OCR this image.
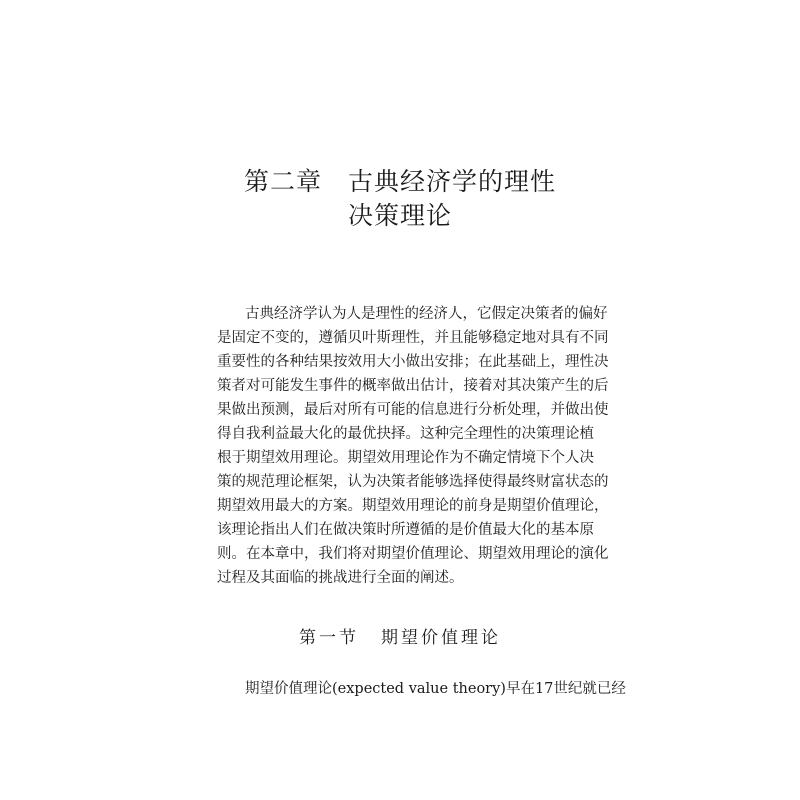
第二章 古典经济学的理性
决策理论
古典经济学认为人是理性的经济人，它假定决策者的偏好
是固定不变的，遵循贝叶斯理性，并且能够稳定地对具有不同
重要性的各种结果按效用大小做出安排；在此基础上，理性决
策者对可能发生事件的概率做出估计，接着对其决策产生的后
果做出预测，最后对所有可能的信息进行分析处理，并做出使
得自我利益最大化的最优抉择。这种完全理性的决策理论植
根于期望效用理论。期望效用理论作为不确定情境下个人决
策的规范理论框架，认为决策者能够选择使得最终财富状态的
期望效用最大的方案。期望效用理论的前身是期望价值理论，
该理论指出人们在做决策时所遵循的是价值最大化的基本原
则。在本章中，我们将对期望价值理论、期望效用理论的演化
过程及其面临的挑战进行全面的阐述。
第一节 期望价值理论
期望价值理论(expected value theory)早在17世纪就已经
